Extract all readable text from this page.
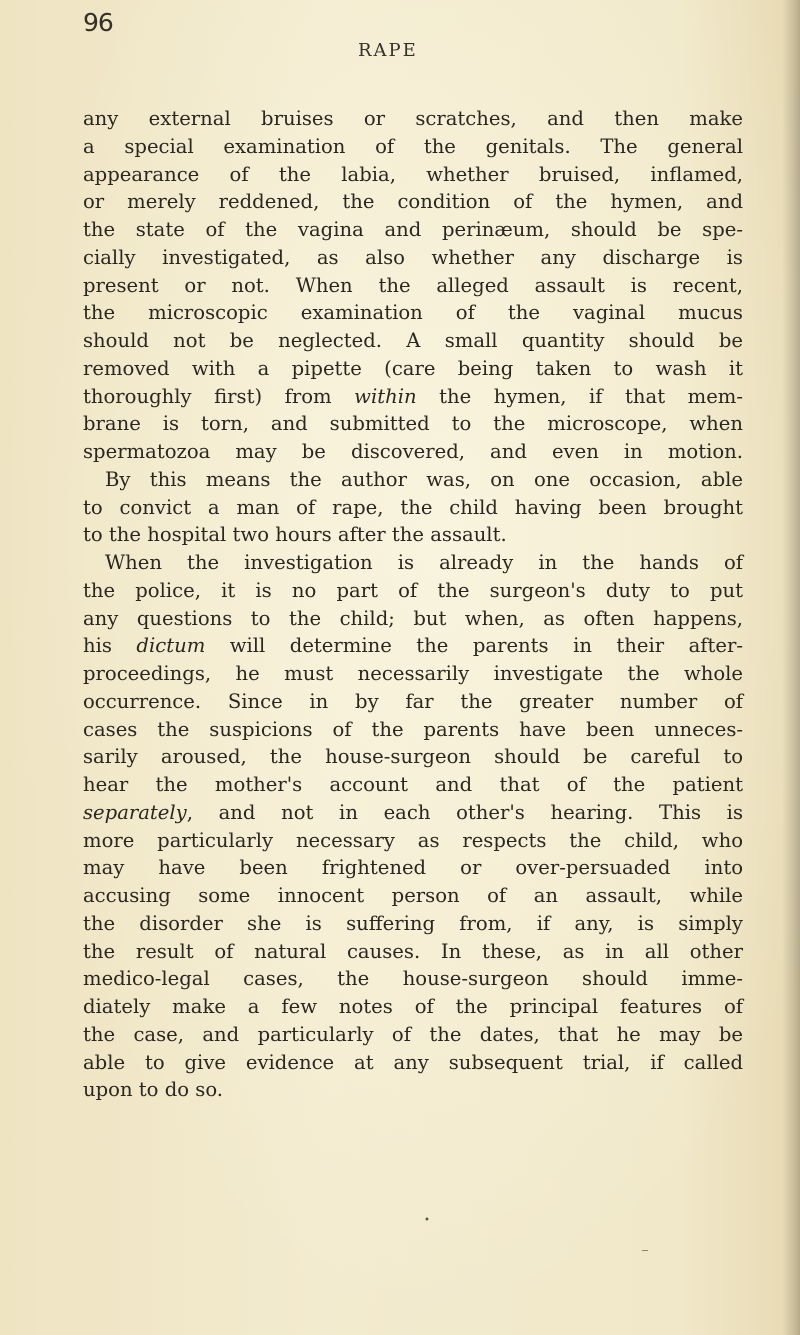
96
RAPE
any external bruises or scratches, and then make
a special examination of the genitals. The general
appearance of the labia, whether bruised, inflamed,
or merely reddened, the condition of the hymen, and
the state of the vagina and perinæum, should be spe-
cially investigated, as also whether any discharge is
present or not. When the alleged assault is recent,
the microscopic examination of the vaginal mucus
should not be neglected. A small quantity should be
removed with a pipette (care being taken to wash it
thoroughly first) from within the hymen, if that mem-
brane is torn, and submitted to the microscope, when
spermatozoa may be discovered, and even in motion.
By this means the author was, on one occasion, able
to convict a man of rape, the child having been brought
to the hospital two hours after the assault.
When the investigation is already in the hands of
the police, it is no part of the surgeon's duty to put
any questions to the child; but when, as often happens,
his dictum will determine the parents in their after-
proceedings, he must necessarily investigate the whole
occurrence. Since in by far the greater number of
cases the suspicions of the parents have been unneces-
sarily aroused, the house-surgeon should be careful to
hear the mother's account and that of the patient
separately, and not in each other's hearing. This is
more particularly necessary as respects the child, who
may have been frightened or over-persuaded into
accusing some innocent person of an assault, while
the disorder she is suffering from, if any, is simply
the result of natural causes. In these, as in all other
medico-legal cases, the house-surgeon should imme-
diately make a few notes of the principal features of
the case, and particularly of the dates, that he may be
able to give evidence at any subsequent trial, if called
upon to do so.
•
